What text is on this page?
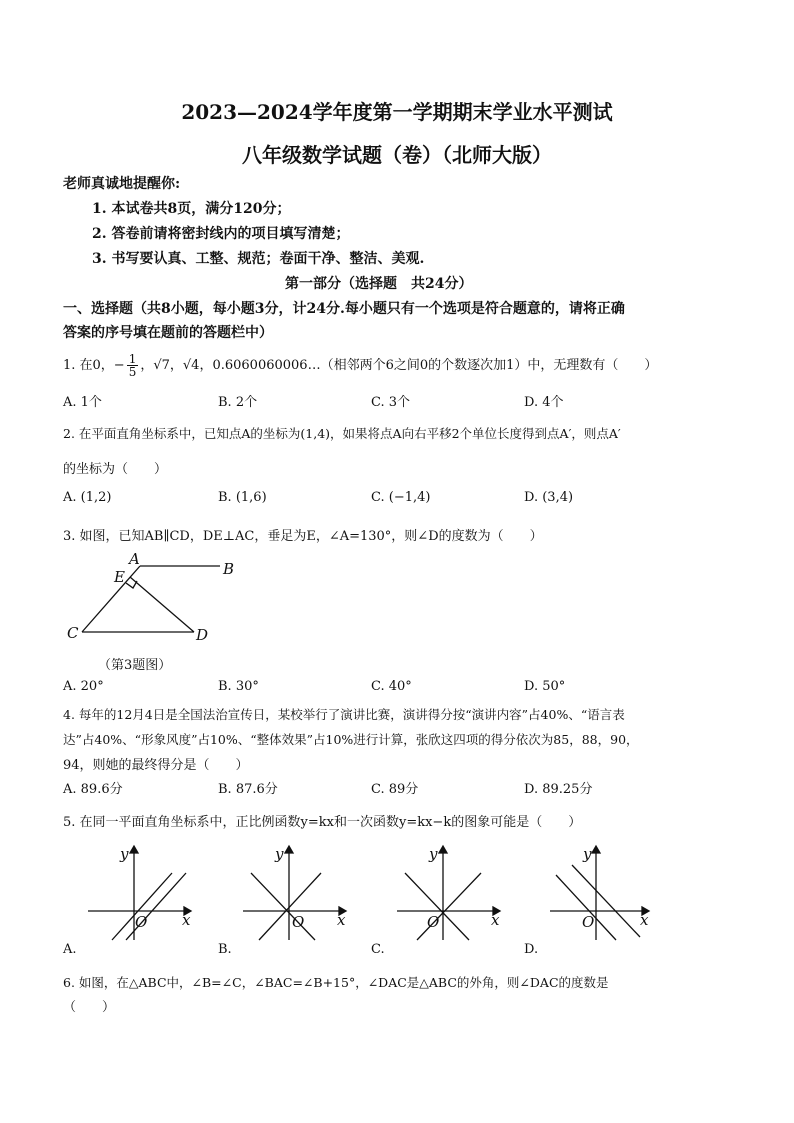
2023—2024学年度第一学期期末学业水平测试
八年级数学试题（卷）（北师大版）
老师真诚地提醒你:
1. 本试卷共8页，满分120分；
2. 答卷前请将密封线内的项目填写清楚；
3. 书写要认真、工整、规范；卷面干净、整洁、美观.
第一部分（选择题　共24分）
一、选择题（共8小题，每小题3分，计24分.每小题只有一个选项是符合题意的，请将正确
答案的序号填在题前的答题栏中）
1. 在0，− $\frac{1}{5}$ ，√7，√4，0.6060060006…（相邻两个6之间0的个数逐次加1）中，无理数有（　　）
A. 1个	B. 2个	C. 3个	D. 4个
2. 在平面直角坐标系中，已知点A的坐标为(1,4)，如果将点A向右平移2个单位长度得到点A′，则点A′
的坐标为（　　）
A. (1,2)	B. (1,6)	C. (−1,4)	D. (3,4)
3. 如图，已知AB∥CD，DE⊥AC，垂足为E，∠A=130°，则∠D的度数为（　　）
A
B
C	D
E
（第3题图）
A. 20°	B. 30°	C. 40°	D. 50°
4. 每年的12月4日是全国法治宣传日，某校举行了演讲比赛，演讲得分按“演讲内容”占40%、“语言表
达”占40%、“形象风度”占10%、“整体效果”占10%进行计算，张欣这四项的得分依次为85，88，90，
94，则她的最终得分是（　　）
A. 89.6分	B. 87.6分	C. 89分	D. 89.25分
5. 在同一平面直角坐标系中，正比例函数y=kx和一次函数y=kx−k的图象可能是（　　）
y
x
O
A.
y
x
O
B.
y
x
O
C.
y
x
O
D.
6. 如图，在△ABC中，∠B=∠C，∠BAC=∠B+15°，∠DAC是△ABC的外角，则∠DAC的度数是
（　　）
